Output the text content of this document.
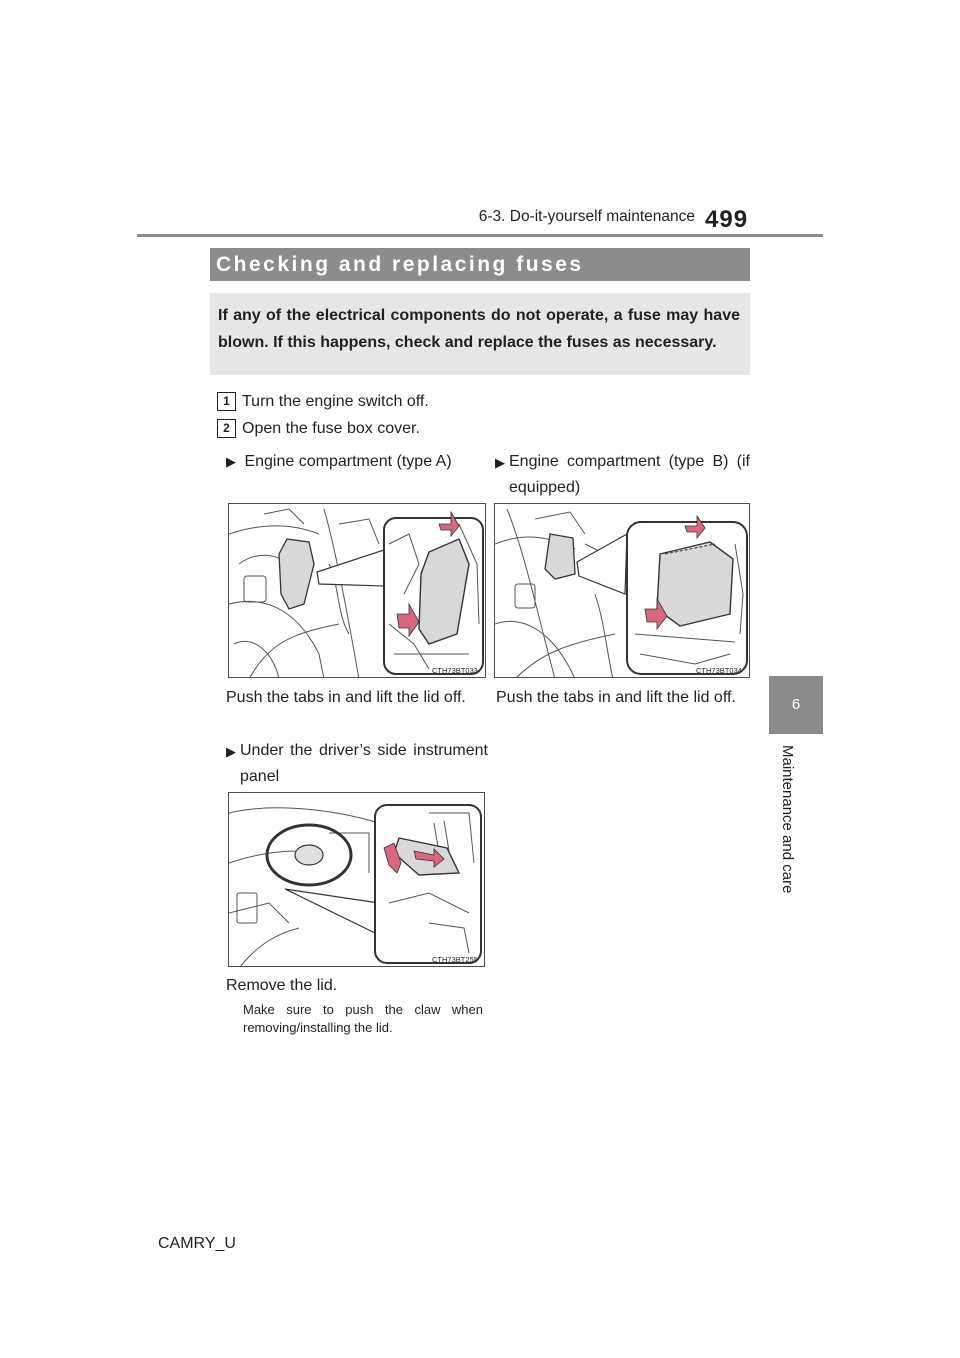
6-3. Do-it-yourself maintenance 499
6
Maintenance and care
Checking and replacing fuses
If any of the electrical components do not operate, a fuse may have blown. If this happens, check and replace the fuses as necessary.
1 Turn the engine switch off.
2 Open the fuse box cover.
▶ Engine compartment (type A)
CTH73BT033
Push the tabs in and lift the lid off.
▶ Engine compartment (type B) (if equipped)
CTH73BT034
Push the tabs in and lift the lid off.
▶ Under the driver’s side instrument panel
CTH73BT255
Remove the lid.
Make sure to push the claw when removing/installing the lid.
CAMRY_U
